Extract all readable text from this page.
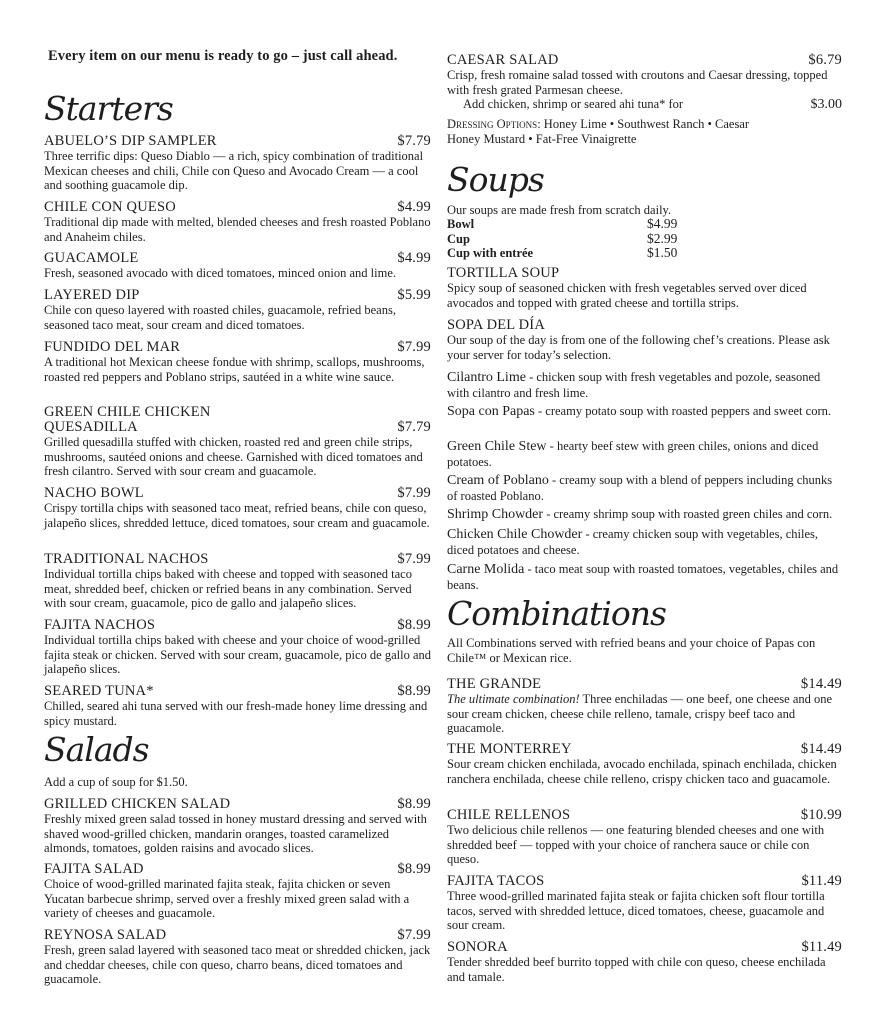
Every item on our menu is ready to go – just call ahead.
Starters
ABUELO’S DIP SAMPLER	$7.79
Three terrific dips: Queso Diablo — a rich, spicy combination of traditional Mexican cheeses and chili, Chile con Queso and Avocado Cream — a cool and soothing guacamole dip.
CHILE CON QUESO	$4.99
Traditional dip made with melted, blended cheeses and fresh roasted Poblano and Anaheim chiles.
GUACAMOLE	$4.99
Fresh, seasoned avocado with diced tomatoes, minced onion and lime.
LAYERED DIP	$5.99
Chile con queso layered with roasted chiles, guacamole, refried beans, seasoned taco meat, sour cream and diced tomatoes.
FUNDIDO DEL MAR	$7.99
A traditional hot Mexican cheese fondue with shrimp, scallops, mushrooms, roasted red peppers and Poblano strips, sautéed in a white wine sauce.
GREEN CHILE CHICKEN
QUESADILLA	$7.79
Grilled quesadilla stuffed with chicken, roasted red and green chile strips, mushrooms, sautéed onions and cheese. Garnished with diced tomatoes and fresh cilantro. Served with sour cream and guacamole.
NACHO BOWL	$7.99
Crispy tortilla chips with seasoned taco meat, refried beans, chile con queso, jalapeño slices, shredded lettuce, diced tomatoes, sour cream and guacamole.
TRADITIONAL NACHOS	$7.99
Individual tortilla chips baked with cheese and topped with seasoned taco meat, shredded beef, chicken or refried beans in any combination. Served with sour cream, guacamole, pico de gallo and jalapeño slices.
FAJITA NACHOS	$8.99
Individual tortilla chips baked with cheese and your choice of wood-grilled fajita steak or chicken. Served with sour cream, guacamole, pico de gallo and jalapeño slices.
SEARED TUNA*	$8.99
Chilled, seared ahi tuna served with our fresh-made honey lime dressing and spicy mustard.
Salads
Add a cup of soup for $1.50.
GRILLED CHICKEN SALAD	$8.99
Freshly mixed green salad tossed in honey mustard dressing and served with shaved wood-grilled chicken, mandarin oranges, toasted caramelized almonds, tomatoes, golden raisins and avocado slices.
FAJITA SALAD	$8.99
Choice of wood-grilled marinated fajita steak, fajita chicken or seven Yucatan barbecue shrimp, served over a freshly mixed green salad with a variety of cheeses and guacamole.
REYNOSA SALAD	$7.99
Fresh, green salad layered with seasoned taco meat or shredded chicken, jack and cheddar cheeses, chile con queso, charro beans, diced tomatoes and guacamole.
CAESAR SALAD	$6.79
Crisp, fresh romaine salad tossed with croutons and Caesar dressing, topped with fresh grated Parmesan cheese.
Add chicken, shrimp or seared ahi tuna* for	$3.00
Dressing Options: Honey Lime • Southwest Ranch • Caesar
Honey Mustard • Fat-Free Vinaigrette
Soups
Our soups are made fresh from scratch daily.
Bowl	$4.99
Cup	$2.99
Cup with entrée	$1.50
TORTILLA SOUP
Spicy soup of seasoned chicken with fresh vegetables served over diced avocados and topped with grated cheese and tortilla strips.
SOPA DEL DÍA
Our soup of the day is from one of the following chef’s creations. Please ask your server for today’s selection.
Cilantro Lime - chicken soup with fresh vegetables and pozole, seasoned with cilantro and fresh lime.
Sopa con Papas - creamy potato soup with roasted peppers and sweet corn.
Green Chile Stew - hearty beef stew with green chiles, onions and diced potatoes.
Cream of Poblano - creamy soup with a blend of peppers including chunks of roasted Poblano.
Shrimp Chowder - creamy shrimp soup with roasted green chiles and corn.
Chicken Chile Chowder - creamy chicken soup with vegetables, chiles, diced potatoes and cheese.
Carne Molida - taco meat soup with roasted tomatoes, vegetables, chiles and beans.
Combinations
All Combinations served with refried beans and your choice of Papas con Chile™ or Mexican rice.
THE GRANDE	$14.49
The ultimate combination! Three enchiladas — one beef, one cheese and one sour cream chicken, cheese chile relleno, tamale, crispy beef taco and guacamole.
THE MONTERREY	$14.49
Sour cream chicken enchilada, avocado enchilada, spinach enchilada, chicken ranchera enchilada, cheese chile relleno, crispy chicken taco and guacamole.
CHILE RELLENOS	$10.99
Two delicious chile rellenos — one featuring blended cheeses and one with shredded beef — topped with your choice of ranchera sauce or chile con queso.
FAJITA TACOS	$11.49
Three wood-grilled marinated fajita steak or fajita chicken soft flour tortilla tacos, served with shredded lettuce, diced tomatoes, cheese, guacamole and sour cream.
SONORA	$11.49
Tender shredded beef burrito topped with chile con queso, cheese enchilada and tamale.
